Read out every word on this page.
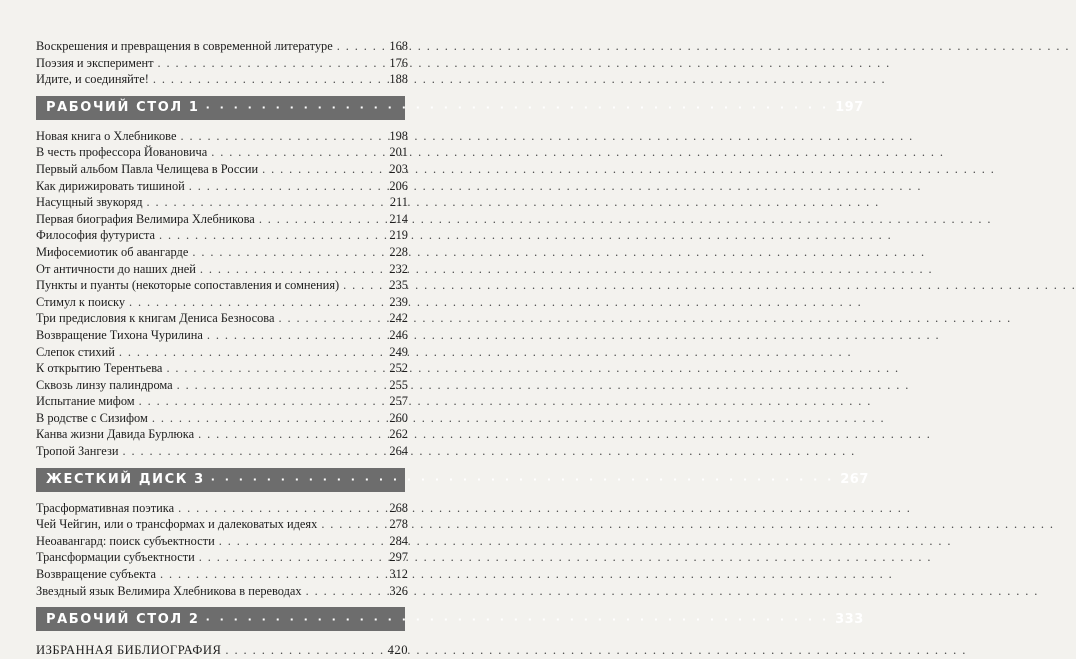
Воскрешения и превращения в современной литературе . . .	168
Поэзия и эксперимент . . .	176
Идите, и соединяйте! . . .	188
РАБОЧИЙ СТОЛ 1 · · ·	197
Новая книга о Хлебникове . . .	198
В честь профессора Йовановича . . .	201
Первый альбом Павла Челищева в России . . .	203
Как дирижировать тишиной . . .	206
Насущный звукоряд . . .	211
Первая биография Велимира Хлебникова . . .	214
Философия футуриста . . .	219
Мифосемиотик об авангарде . . .	228
От античности до наших дней . . .	232
Пункты и пуанты (некоторые сопоставления и сомнения) . . .	235
Стимул к поиску . . .	239
Три предисловия к книгам Дениса Безносова . . .	242
Возвращение Тихона Чурилина . . .	246
Слепок стихий . . .	249
К открытию Терентьева . . .	252
Сквозь линзу палиндрома . . .	255
Испытание мифом . . .	257
В родстве с Сизифом . . .	260
Канва жизни Давида Бурлюка . . .	262
Тропой Зангези . . .	264
ЖЕСТКИЙ ДИСК 3 · · ·	267
Трасформативная поэтика . . .	268
Чей Чейгин, или о трансформах и далековатых идеях . . .	278
Неоавангард: поиск субъектности . . .	284
Трансформации субъектности . . .	297
Возвращение субъекта . . .	312
Звездный язык Велимира Хлебникова в переводах . . .	326
РАБОЧИЙ СТОЛ 2 · · ·	333
ИЗБРАННАЯ БИБЛИОГРАФИЯ . . .	420
